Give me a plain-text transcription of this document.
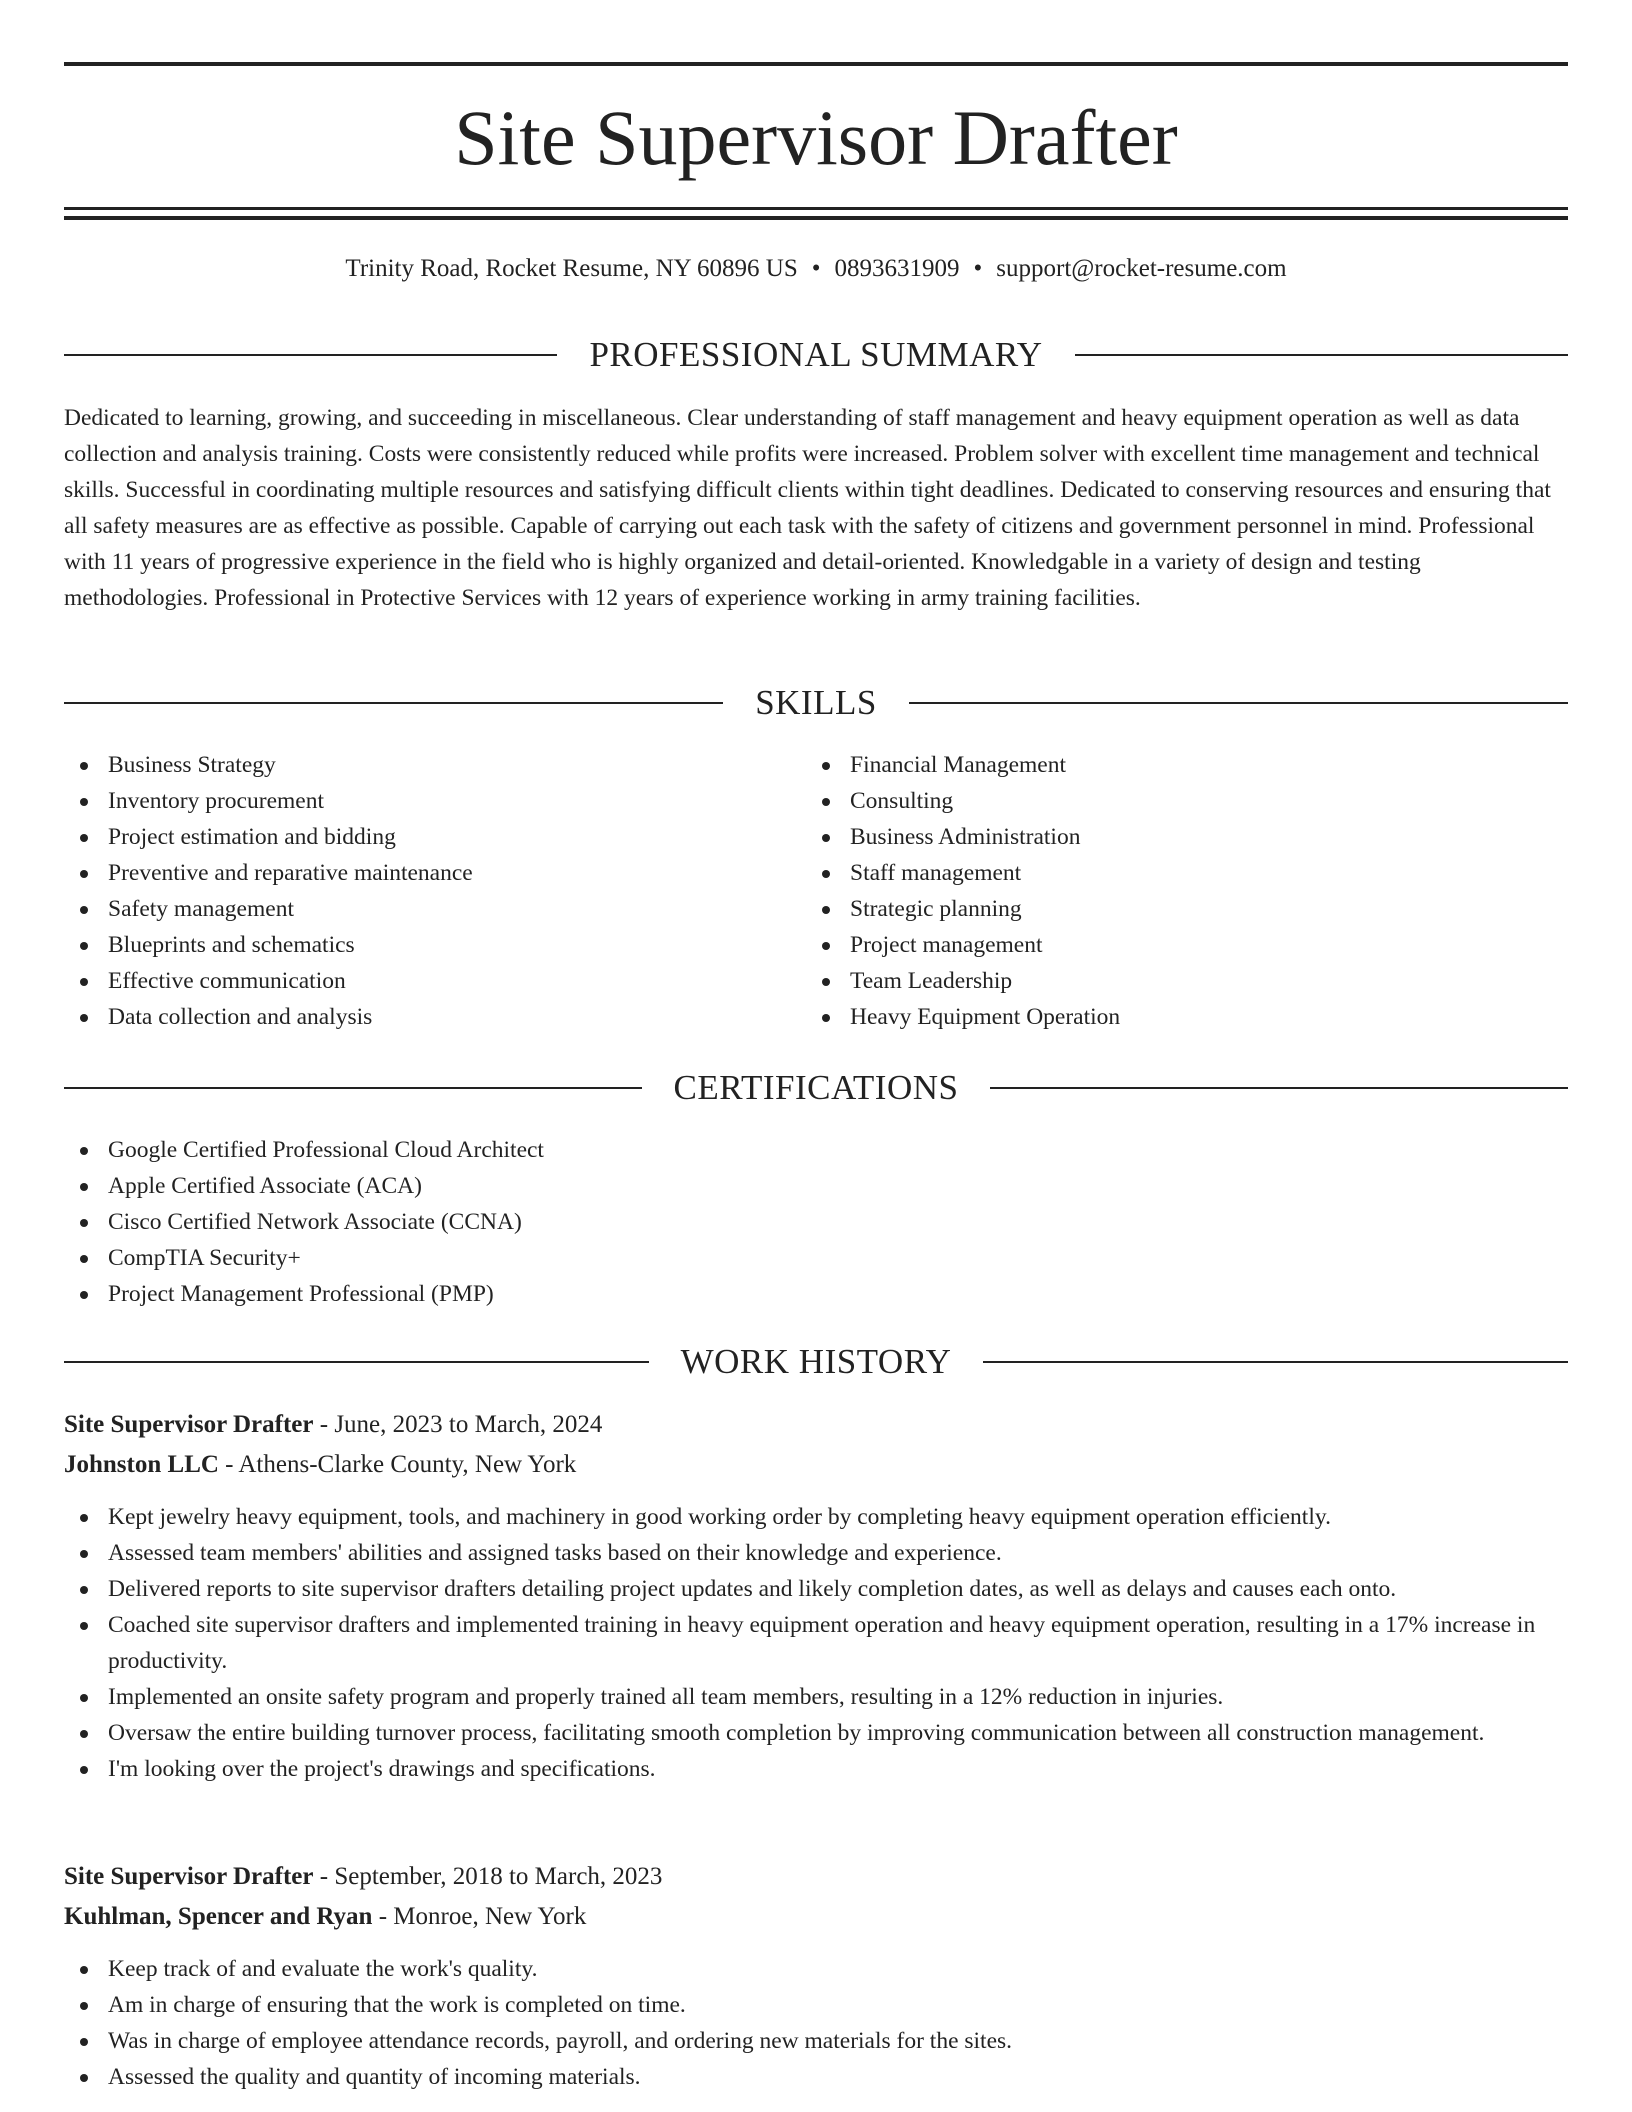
Site Supervisor Drafter
Trinity Road, Rocket Resume, NY 60896 US • 0893631909 • support@rocket-resume.com
PROFESSIONAL SUMMARY

Dedicated to learning, growing, and succeeding in miscellaneous. Clear understanding of staff management and heavy equipment operation as well as data collection and analysis training. Costs were consistently reduced while profits were increased. Problem solver with excellent time management and technical skills. Successful in coordinating multiple resources and satisfying difficult clients within tight deadlines. Dedicated to conserving resources and ensuring that all safety measures are as effective as possible. Capable of carrying out each task with the safety of citizens and government personnel in mind. Professional with 11 years of progressive experience in the field who is highly organized and detail-oriented. Knowledgable in a variety of design and testing methodologies. Professional in Protective Services with 12 years of experience working in army training facilities.

SKILLS
Business Strategy
Inventory procurement
Project estimation and bidding
Preventive and reparative maintenance
Safety management
Blueprints and schematics
Effective communication
Data collection and analysis
Financial Management
Consulting
Business Administration
Staff management
Strategic planning
Project management
Team Leadership
Heavy Equipment Operation
CERTIFICATIONS
Google Certified Professional Cloud Architect
Apple Certified Associate (ACA)
Cisco Certified Network Associate (CCNA)
CompTIA Security+
Project Management Professional (PMP)
WORK HISTORY
Site Supervisor Drafter - June, 2023 to March, 2024
Johnston LLC - Athens-Clarke County, New York
Kept jewelry heavy equipment, tools, and machinery in good working order by completing heavy equipment operation efficiently.
Assessed team members' abilities and assigned tasks based on their knowledge and experience.
Delivered reports to site supervisor drafters detailing project updates and likely completion dates, as well as delays and causes each onto.
Coached site supervisor drafters and implemented training in heavy equipment operation and heavy equipment operation, resulting in a 17% increase in productivity.
Implemented an onsite safety program and properly trained all team members, resulting in a 12% reduction in injuries.
Oversaw the entire building turnover process, facilitating smooth completion by improving communication between all construction management.
I'm looking over the project's drawings and specifications.
Site Supervisor Drafter - September, 2018 to March, 2023
Kuhlman, Spencer and Ryan - Monroe, New York
Keep track of and evaluate the work's quality.
Am in charge of ensuring that the work is completed on time.
Was in charge of employee attendance records, payroll, and ordering new materials for the sites.
Assessed the quality and quantity of incoming materials.
